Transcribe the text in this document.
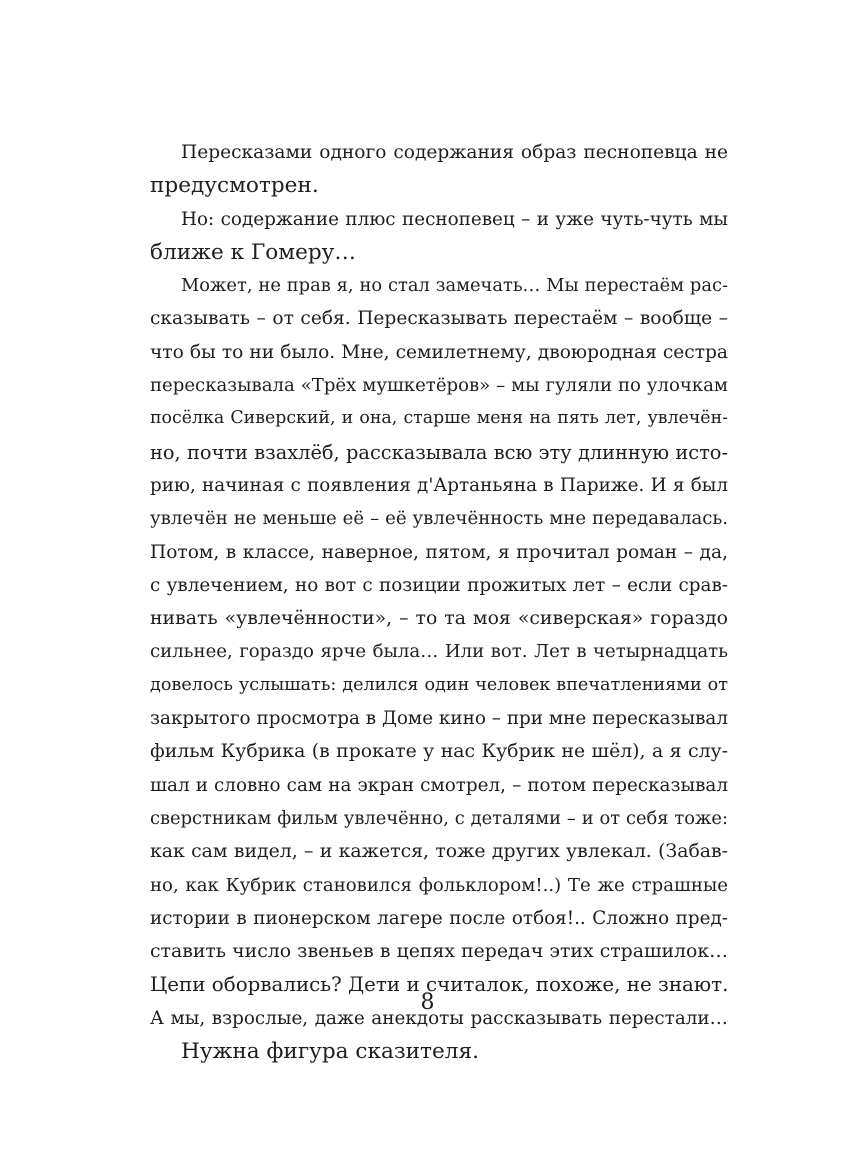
Пересказами одного содержания образ песнопевца не
предусмотрен.
Но: содержание плюс песнопевец – и уже чуть-чуть мы
ближе к Гомеру…
Может, не прав я, но стал замечать… Мы перестаём рас-
сказывать – от себя. Пересказывать перестаём – вообще –
что бы то ни было. Мне, семилетнему, двоюродная сестра
пересказывала «Трёх мушкетёров» – мы гуляли по улочкам
посёлка Сиверский, и она, старше меня на пять лет, увлечён-
но, почти взахлёб, рассказывала всю эту длинную исто-
рию, начиная с появления д'Артаньяна в Париже. И я был
увлечён не меньше её – её увлечённость мне передавалась.
Потом, в классе, наверное, пятом, я прочитал роман – да,
с увлечением, но вот с позиции прожитых лет – если срав-
нивать «увлечённости», – то та моя «сиверская» гораздо
сильнее, гораздо ярче была… Или вот. Лет в четырнадцать
довелось услышать: делился один человек впечатлениями от
закрытого просмотра в Доме кино – при мне пересказывал
фильм Кубрика (в прокате у нас Кубрик не шёл), а я слу-
шал и словно сам на экран смотрел, – потом пересказывал
сверстникам фильм увлечённо, с деталями – и от себя тоже:
как сам видел, – и кажется, тоже других увлекал. (Забав-
но, как Кубрик становился фольклором!..) Те же страшные
истории в пионерском лагере после отбоя!.. Сложно пред-
ставить число звеньев в цепях передач этих страшилок…
Цепи оборвались? Дети и считалок, похоже, не знают.
А мы, взрослые, даже анекдоты рассказывать перестали…
Нужна фигура сказителя.
8
